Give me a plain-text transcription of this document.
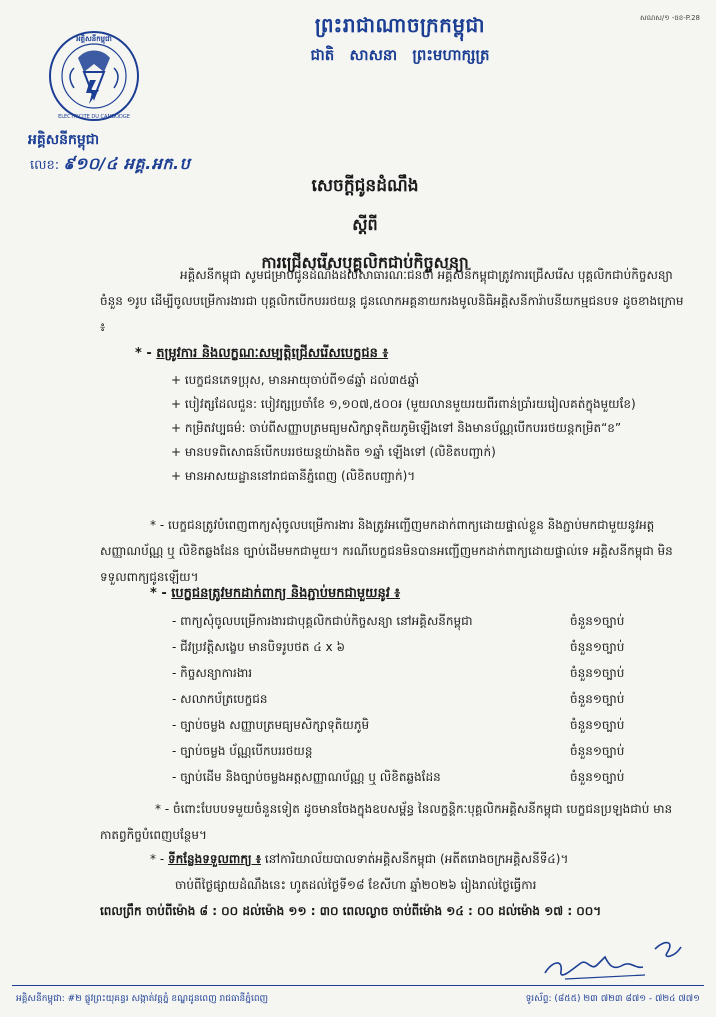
សណស/១ -ចខ-P.28
ព្រះរាជាណាចក្រកម្ពុជា
ជាតិ សាសនា ព្រះមហាក្សត្រ
ELECTRICITE DU CAMBODGE
អគ្គិសនីកម្ពុជា
អគ្គិសនីកម្ពុជា
លេខ: ៩១០/៤ អគ្គ.អក.ប
សេចក្ដីជូនដំណឹង
ស្ដីពី
ការជ្រើសរើសបុគ្គលិកជាប់កិច្ចសន្យា
អគ្គិសនីកម្ពុជា សូមជម្រាបជូនដំណឹងដល់សាធារណៈជនថា អគ្គិសនីកម្ពុជាត្រូវការជ្រើសរើស បុគ្គលិកជាប់កិច្ចសន្យា ចំនួន ១រូប ដើម្បីចូលបម្រើការងារជា បុគ្គលិកបើកបររថយន្ត ជូនលោកអគ្គនាយករងមូលនិធិអគ្គិសនីការ៉ាបនីយកម្មជនបទ ដូចខាងក្រោម ៖
* - តម្រូវការ និងលក្ខណៈសម្បត្តិជ្រើសរើសបេក្ខជន ៖
+ បេក្ខជនភេទប្រុស, មានអាយុចាប់ពី១៨ឆ្នាំ ដល់៣៥ឆ្នាំ
+ បៀវត្សដែលជួន: បៀវត្សប្រចាំខែ ១,១០៧,៥០០៛ (មួយលានមួយរយពីរពាន់ប្រាំរយរៀលគត់ក្នុងមួយខែ)
+ កម្រិតវប្បធម៌: ចាប់ពីសញ្ញាបត្រមធ្យមសិក្សាទុតិយភូមិឡើងទៅ និងមានប័ណ្ណបើកបររថយន្តកម្រិត“ខ”
+ មានបទពិសោធន៍បើកបររថយន្តយ៉ាងតិច ១ឆ្នាំ ឡើងទៅ (លិខិតបញ្ជាក់)
+ មានអាសយដ្ឋាននៅរាជធានីភ្នំពេញ (លិខិតបញ្ជាក់)។
* - បេក្ខជនត្រូវបំពេញពាក្យសុំចូលបម្រើការងារ និងត្រូវអញ្ជើញមកដាក់ពាក្យដោយផ្ទាល់ខ្លួន និងភ្ជាប់មកជាមួយនូវអត្តសញ្ញាណប័ណ្ណ ឬ លិខិតឆ្លងដែន ច្បាប់ដើមមកជាមួយ។ ករណីបេក្ខជនមិនបានអញ្ជើញមកដាក់ពាក្យដោយផ្ទាល់ទេ អគ្គិសនីកម្ពុជា មិនទទួលពាក្យជូនឡើយ។
* - បេក្ខជនត្រូវមកដាក់ពាក្យ និងភ្ជាប់មកជាមួយនូវ ៖
- ពាក្យសុំចូលបម្រើការងារជាបុគ្គលិកជាប់កិច្ចសន្យា នៅអគ្គិសនីកម្ពុជា	ចំនួន១ច្បាប់
- ជីវប្រវត្តិសង្ខេប មានបិទរូបថត ៤ x ៦	ចំនួន១ច្បាប់
- កិច្ចសន្យាការងារ	ចំនួន១ច្បាប់
- សលាកប័ត្របេក្ខជន	ចំនួន១ច្បាប់
- ច្បាប់ចម្លង សញ្ញាបត្រមធ្យមសិក្សាទុតិយភូមិ	ចំនួន១ច្បាប់
- ច្បាប់ចម្លង ប័ណ្ណបើកបររថយន្ត	ចំនួន១ច្បាប់
- ច្បាប់ដើម និងច្បាប់ចម្លងអត្តសញ្ញាណប័ណ្ណ ឬ លិខិតឆ្លងដែន	ចំនួន១ច្បាប់
* - ចំពោះបែបបទមួយចំនួនទៀត ដូចមានចែងក្នុងឧបសម្ព័ន្ធ នៃលក្ខន្តិកៈបុគ្គលិកអគ្គិសនីកម្ពុជា បេក្ខជនប្រឡងជាប់ មានកាតព្វកិច្ចបំពេញបន្ថែម។
* - ទីកន្លែងទទួលពាក្យ ៖ នៅការិយាល័យបាលទាត់អគ្គិសនីកម្ពុជា (អតីតរោងចក្រអគ្គិសនីទី៤)។
ចាប់ពីថ្ងៃផ្សាយដំណឹងនេះ ហូតដល់ថ្ងៃទី១៨ ខែសីហា ឆ្នាំ២០២៦ រៀងរាល់ថ្ងៃធ្វើការ
ពេលព្រឹក ចាប់ពីម៉ោង ៨ : ០០ ដល់ម៉ោង ១១ : ៣០ ពេលល្ងាច ចាប់ពីម៉ោង ១៤ : ០០ ដល់ម៉ោង ១៧ : ០០។
អគ្គិសនីកម្ពុជា: #២ ផ្លូវព្រះយុគន្ធរ សង្កាត់វត្តភ្នំ ខណ្ឌដូនពេញ រាជធានីភ្នំពេញ	ទូរស័ព្ទ: (៨៥៥) ២៣ ៧២៣ ៨៧១ - ៧២៤ ៧៧១
